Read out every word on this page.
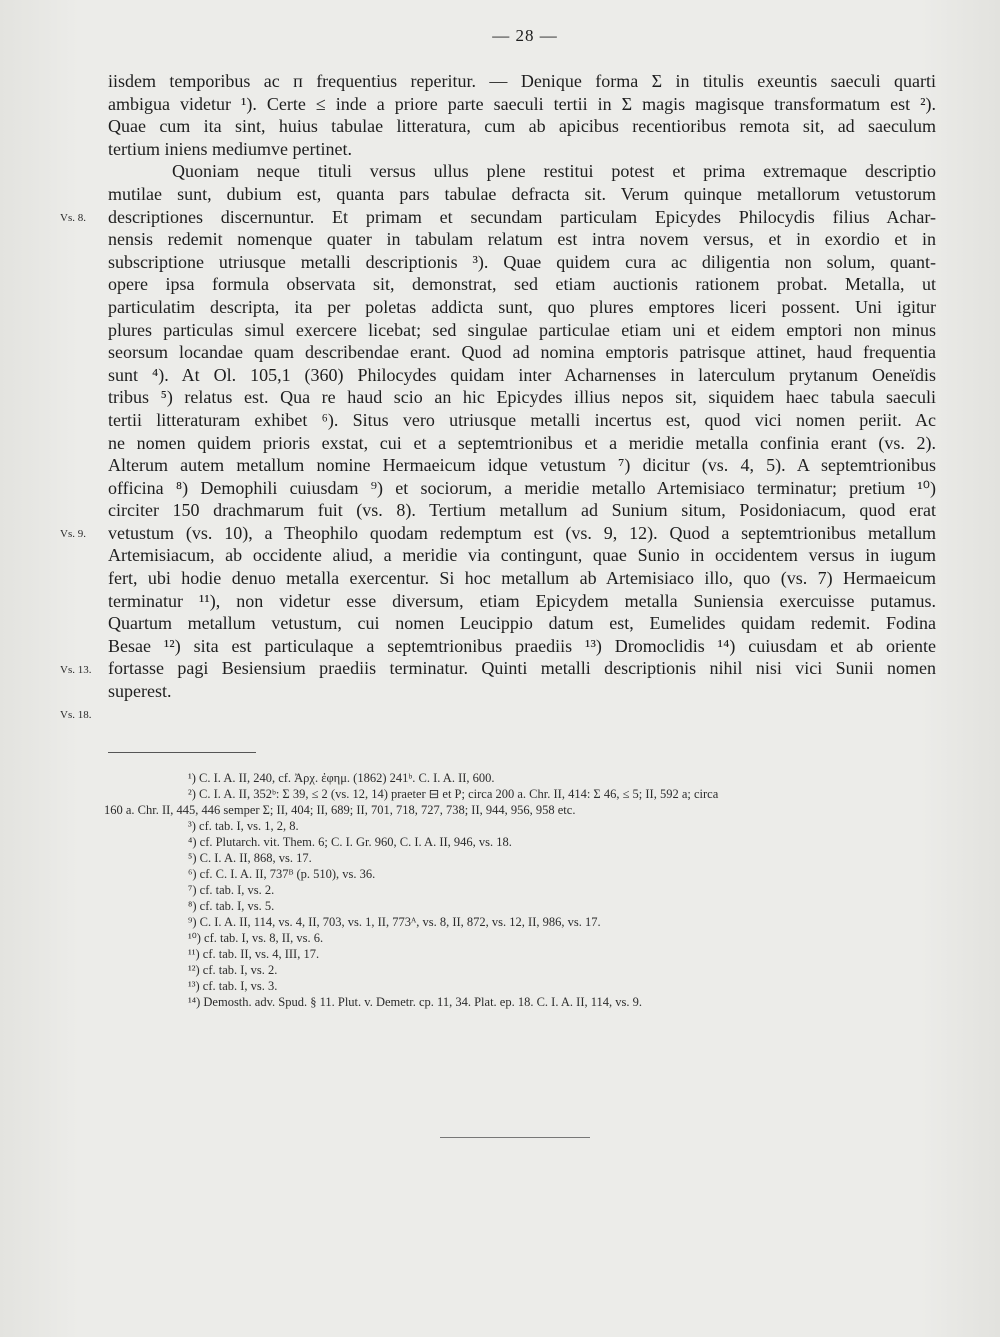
— 28 —
Vs. 8.
Vs. 9.
Vs. 13.
Vs. 18.
iisdem temporibus ac ᴨ frequentius reperitur. — Denique forma Σ in titulis exeuntis saeculi quarti
ambigua videtur ¹). Certe ≤ inde a priore parte saeculi tertii in Σ magis magisque transformatum est ²).
Quae cum ita sint, huius tabulae litteratura, cum ab apicibus recentioribus remota sit, ad saeculum
tertium iniens mediumve pertinet.
Quoniam neque tituli versus ullus plene restitui potest et prima extremaque descriptio
mutilae sunt, dubium est, quanta pars tabulae defracta sit. Verum quinque metallorum vetustorum
descriptiones discernuntur. Et primam et secundam particulam Epicydes Philocydis filius Achar-
nensis redemit nomenque quater in tabulam relatum est intra novem versus, et in exordio et in
subscriptione utriusque metalli descriptionis ³). Quae quidem cura ac diligentia non solum, quant-
opere ipsa formula observata sit, demonstrat, sed etiam auctionis rationem probat. Metalla, ut
particulatim descripta, ita per poletas addicta sunt, quo plures emptores liceri possent. Uni igitur
plures particulas simul exercere licebat; sed singulae particulae etiam uni et eidem emptori non minus
seorsum locandae quam describendae erant. Quod ad nomina emptoris patrisque attinet, haud frequentia
sunt ⁴). At Ol. 105,1 (360) Philocydes quidam inter Acharnenses in laterculum prytanum Oeneïdis
tribus ⁵) relatus est. Qua re haud scio an hic Epicydes illius nepos sit, siquidem haec tabula saeculi
tertii litteraturam exhibet ⁶). Situs vero utriusque metalli incertus est, quod vici nomen periit. Ac
ne nomen quidem prioris exstat, cui et a septemtrionibus et a meridie metalla confinia erant (vs. 2).
Alterum autem metallum nomine Hermaeicum idque vetustum ⁷) dicitur (vs. 4, 5). A septemtrionibus
officina ⁸) Demophili cuiusdam ⁹) et sociorum, a meridie metallo Artemisiaco terminatur; pretium ¹⁰)
circiter 150 drachmarum fuit (vs. 8). Tertium metallum ad Sunium situm, Posidoniacum, quod erat
vetustum (vs. 10), a Theophilo quodam redemptum est (vs. 9, 12). Quod a septemtrionibus metallum
Artemisiacum, ab occidente aliud, a meridie via contingunt, quae Sunio in occidentem versus in iugum
fert, ubi hodie denuo metalla exercentur. Si hoc metallum ab Artemisiaco illo, quo (vs. 7) Hermaeicum
terminatur ¹¹), non videtur esse diversum, etiam Epicydem metalla Suniensia exercuisse putamus.
Quartum metallum vetustum, cui nomen Leucippio datum est, Eumelides quidam redemit. Fodina
Besae ¹²) sita est particulaque a septemtrionibus praediis ¹³) Dromoclidis ¹⁴) cuiusdam et ab oriente
fortasse pagi Besiensium praediis terminatur. Quinti metalli descriptionis nihil nisi vici Sunii nomen
superest.
¹) C. I. A. II, 240, cf. Ἀρχ. ἐφημ. (1862) 241ᵇ. C. I. A. II, 600.
²) C. I. A. II, 352ᵇ: Σ 39, ≤ 2 (vs. 12, 14) praeter ⊟ et Ρ; circa 200 a. Chr. II, 414: Σ 46, ≤ 5; II, 592 a; circa
160 a. Chr. II, 445, 446 semper Σ; II, 404; II, 689; II, 701, 718, 727, 738; II, 944, 956, 958 etc.
³) cf. tab. I, vs. 1, 2, 8.
⁴) cf. Plutarch. vit. Them. 6; C. I. Gr. 960, C. I. A. II, 946, vs. 18.
⁵) C. I. A. II, 868, vs. 17.
⁶) cf. C. I. A. II, 737ᴮ (p. 510), vs. 36.
⁷) cf. tab. I, vs. 2.
⁸) cf. tab. I, vs. 5.
⁹) C. I. A. II, 114, vs. 4, II, 703, vs. 1, II, 773ᴬ, vs. 8, II, 872, vs. 12, II, 986, vs. 17.
¹⁰) cf. tab. I, vs. 8, II, vs. 6.
¹¹) cf. tab. II, vs. 4, III, 17.
¹²) cf. tab. I, vs. 2.
¹³) cf. tab. I, vs. 3.
¹⁴) Demosth. adv. Spud. § 11. Plut. v. Demetr. cp. 11, 34. Plat. ep. 18. C. I. A. II, 114, vs. 9.
